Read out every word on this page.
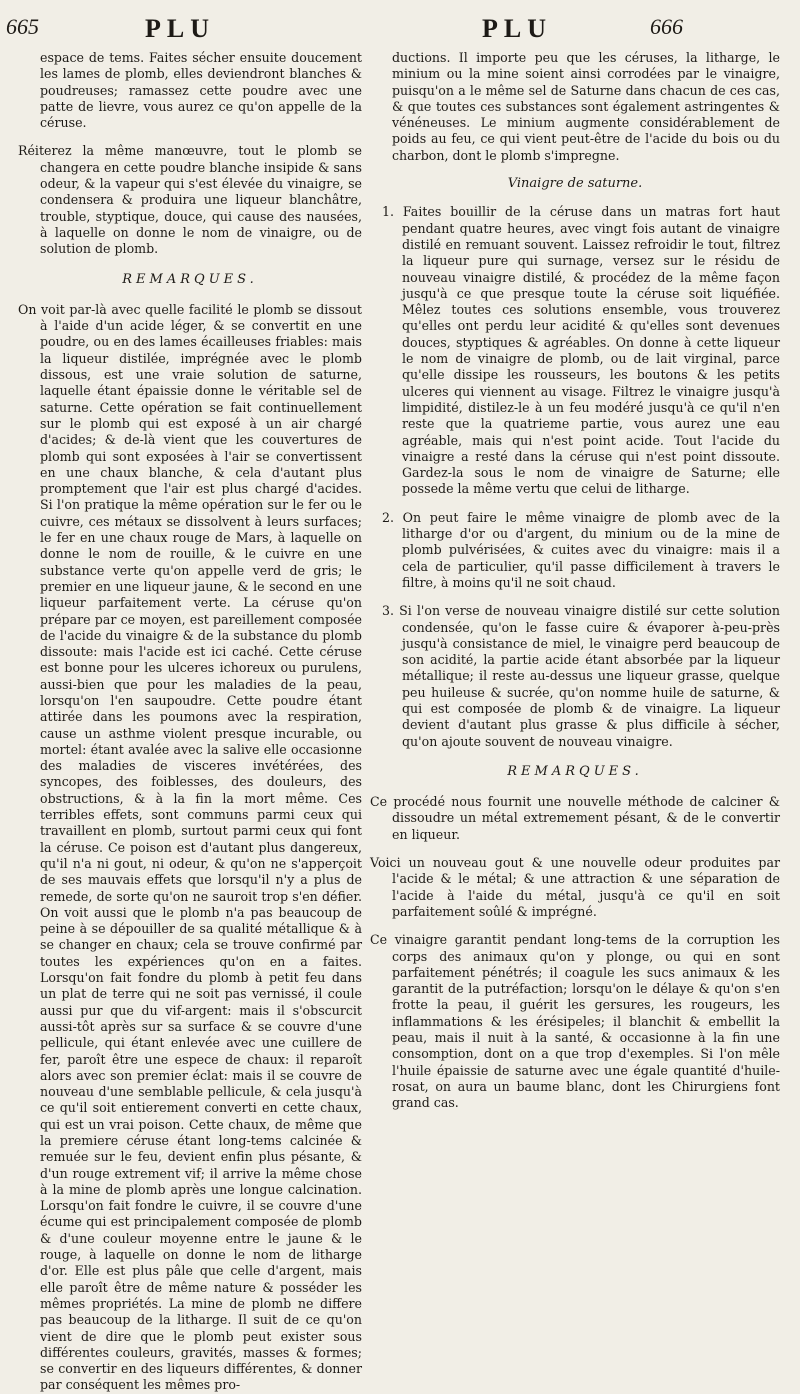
665	PLU	PLU	666

espace de tems. Faites sécher ensuite doucement les lames de plomb, elles deviendront blanches & poudreuses; ramassez cette poudre avec une patte de lievre, vous aurez ce qu'on appelle de la céruse.

Réiterez la même manœuvre, tout le plomb se changera en cette poudre blanche insipide & sans odeur, & la vapeur qui s'est élevée du vinaigre, se condensera & produira une liqueur blanchâtre, trouble, styptique, douce, qui cause des nausées, à laquelle on donne le nom de vinaigre, ou de solution de plomb.

REMARQUES.

On voit par-là avec quelle facilité le plomb se dissout à l'aide d'un acide léger, & se convertit en une poudre, ou en des lames écailleuses friables: mais la liqueur distilée, imprégnée avec le plomb dissous, est une vraie solution de saturne, laquelle étant épaissie donne le véritable sel de saturne. Cette opération se fait continuellement sur le plomb qui est exposé à un air chargé d'acides; & de-là vient que les couvertures de plomb qui sont exposées à l'air se convertissent en une chaux blanche, & cela d'autant plus promptement que l'air est plus chargé d'acides. Si l'on pratique la même opération sur le fer ou le cuivre, ces métaux se dissolvent à leurs surfaces; le fer en une chaux rouge de Mars, à laquelle on donne le nom de rouille, & le cuivre en une substance verte qu'on appelle verd de gris; le premier en une liqueur jaune, & le second en une liqueur parfaitement verte. La céruse qu'on prépare par ce moyen, est pareillement composée de l'acide du vinaigre & de la substance du plomb dissoute: mais l'acide est ici caché. Cette céruse est bonne pour les ulceres ichoreux ou purulens, aussi-bien que pour les maladies de la peau, lorsqu'on l'en saupoudre. Cette poudre étant attirée dans les poumons avec la respiration, cause un asthme violent presque incurable, ou mortel: étant avalée avec la salive elle occasionne des maladies de visceres invétérées, des syncopes, des foiblesses, des douleurs, des obstructions, & à la fin la mort même. Ces terribles effets, sont communs parmi ceux qui travaillent en plomb, surtout parmi ceux qui font la céruse. Ce poison est d'autant plus dangereux, qu'il n'a ni gout, ni odeur, & qu'on ne s'apperçoit de ses mauvais effets que lorsqu'il n'y a plus de remede, de sorte qu'on ne sauroit trop s'en défier. On voit aussi que le plomb n'a pas beaucoup de peine à se dépouiller de sa qualité métallique & à se changer en chaux; cela se trouve confirmé par toutes les expériences qu'on en a faites. Lorsqu'on fait fondre du plomb à petit feu dans un plat de terre qui ne soit pas vernissé, il coule aussi pur que du vif-argent: mais il s'obscurcit aussi-tôt après sur sa surface & se couvre d'une pellicule, qui étant enlevée avec une cuillere de fer, paroît être une espece de chaux: il reparoît alors avec son premier éclat: mais il se couvre de nouveau d'une semblable pellicule, & cela jusqu'à ce qu'il soit entierement converti en cette chaux, qui est un vrai poison. Cette chaux, de même que la premiere céruse étant long-tems calcinée & remuée sur le feu, devient enfin plus pésante, & d'un rouge extrement vif; il arrive la même chose à la mine de plomb après une longue calcination. Lorsqu'on fait fondre le cuivre, il se couvre d'une écume qui est principalement composée de plomb & d'une couleur moyenne entre le jaune & le rouge, à laquelle on donne le nom de litharge d'or. Elle est plus pâle que celle d'argent, mais elle paroît être de même nature & posséder les mêmes propriétés. La mine de plomb ne differe pas beaucoup de la litharge. Il suit de ce qu'on vient de dire que le plomb peut exister sous différentes couleurs, gravités, masses & formes; se convertir en des liqueurs différentes, & donner par conséquent les mêmes pro-

ductions. Il importe peu que les céruses, la litharge, le minium ou la mine soient ainsi corrodées par le vinaigre, puisqu'on a le même sel de Saturne dans chacun de ces cas, & que toutes ces substances sont également astringentes & vénéneuses. Le minium augmente considérablement de poids au feu, ce qui vient peut-être de l'acide du bois ou du charbon, dont le plomb s'impregne.

Vinaigre de saturne.

1. Faites bouillir de la céruse dans un matras fort haut pendant quatre heures, avec vingt fois autant de vinaigre distilé en remuant souvent. Laissez refroidir le tout, filtrez la liqueur pure qui surnage, versez sur le résidu de nouveau vinaigre distilé, & procédez de la même façon jusqu'à ce que presque toute la céruse soit liquéfiée. Mêlez toutes ces solutions ensemble, vous trouverez qu'elles ont perdu leur acidité & qu'elles sont devenues douces, styptiques & agréables. On donne à cette liqueur le nom de vinaigre de plomb, ou de lait virginal, parce qu'elle dissipe les rousseurs, les boutons & les petits ulceres qui viennent au visage. Filtrez le vinaigre jusqu'à limpidité, distilez-le à un feu modéré jusqu'à ce qu'il n'en reste que la quatrieme partie, vous aurez une eau agréable, mais qui n'est point acide. Tout l'acide du vinaigre a resté dans la céruse qui n'est point dissoute. Gardez-la sous le nom de vinaigre de Saturne; elle possede la même vertu que celui de litharge.

2. On peut faire le même vinaigre de plomb avec de la litharge d'or ou d'argent, du minium ou de la mine de plomb pulvérisées, & cuites avec du vinaigre: mais il a cela de particulier, qu'il passe difficilement à travers le filtre, à moins qu'il ne soit chaud.

3. Si l'on verse de nouveau vinaigre distilé sur cette solution condensée, qu'on le fasse cuire & évaporer à-peu-près jusqu'à consistance de miel, le vinaigre perd beaucoup de son acidité, la partie acide étant absorbée par la liqueur métallique; il reste au-dessus une liqueur grasse, quelque peu huileuse & sucrée, qu'on nomme huile de saturne, & qui est composée de plomb & de vinaigre. La liqueur devient d'autant plus grasse & plus difficile à sécher, qu'on ajoute souvent de nouveau vinaigre.

REMARQUES.

Ce procédé nous fournit une nouvelle méthode de calciner & dissoudre un métal extremement pésant, & de le convertir en liqueur.

Voici un nouveau gout & une nouvelle odeur produites par l'acide & le métal; & une attraction & une séparation de l'acide à l'aide du métal, jusqu'à ce qu'il en soit parfaitement soûlé & imprégné.

Ce vinaigre garantit pendant long-tems de la corruption les corps des animaux qu'on y plonge, ou qui en sont parfaitement pénétrés; il coagule les sucs animaux & les garantit de la putréfaction; lorsqu'on le délaye & qu'on s'en frotte la peau, il guérit les gersures, les rougeurs, les inflammations & les érésipeles; il blanchit & embellit la peau, mais il nuit à la santé, & occasionne à la fin une consomption, dont on a que trop d'exemples. Si l'on mêle l'huile épaissie de saturne avec une égale quantité d'huile-rosat, on aura un baume blanc, dont les Chirurgiens font grand cas.
